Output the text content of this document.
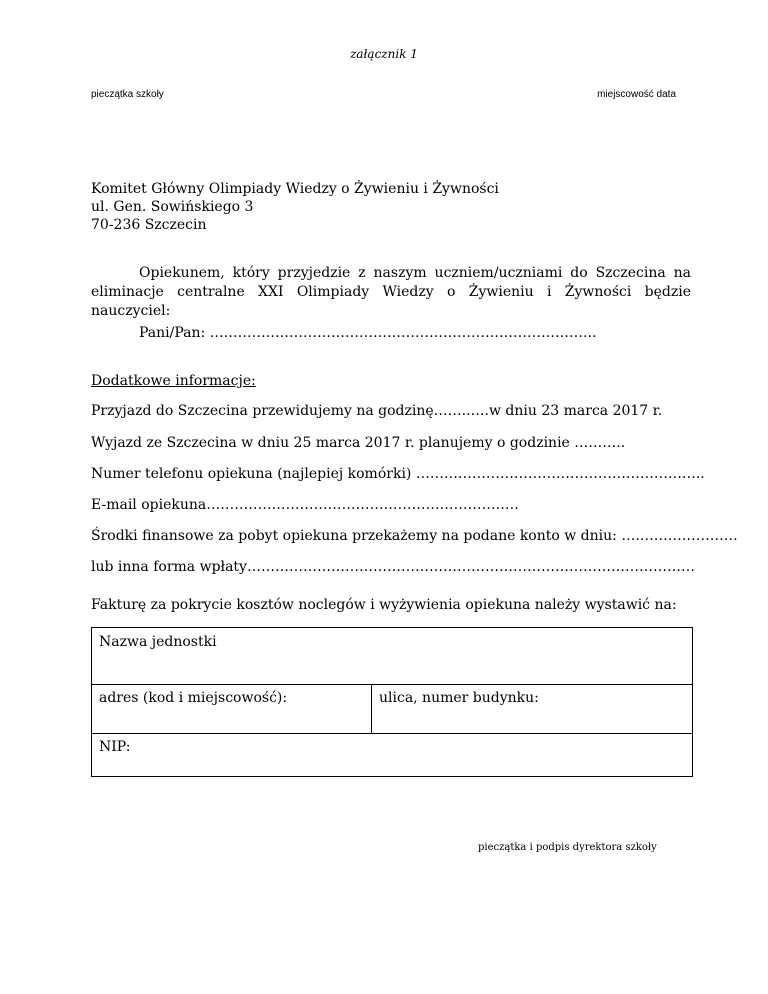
załącznik 1
pieczątka szkoły	miejscowość data
Komitet Główny Olimpiady Wiedzy o Żywieniu i Żywności
ul. Gen. Sowińskiego 3
70-236 Szczecin
Opiekunem, który przyjedzie z naszym uczniem/uczniami do Szczecina na eliminacje centralne XXI Olimpiady Wiedzy o Żywieniu i Żywności będzie nauczyciel:
Pani/Pan: ………………………………………………………………………..
Dodatkowe informacje:
Przyjazd do Szczecina przewidujemy na godzinę……..….w dniu 23 marca 2017 r.
Wyjazd ze Szczecina w dniu 25 marca 2017 r. planujemy o godzinie ………..
Numer telefonu opiekuna (najlepiej komórki) ……………………………………………………..
E-mail opiekuna………………………………………………………….
Środki finansowe za pobyt opiekuna przekażemy na podane konto w dniu: ….…………………
lub inna forma wpłaty……………………………………………………………………………………
Fakturę za pokrycie kosztów noclegów i wyżywienia opiekuna należy wystawić na:
Nazwa jednostki
adres (kod i miejscowość):	ulica, numer budynku:
NIP:
pieczątka i podpis dyrektora szkoły
